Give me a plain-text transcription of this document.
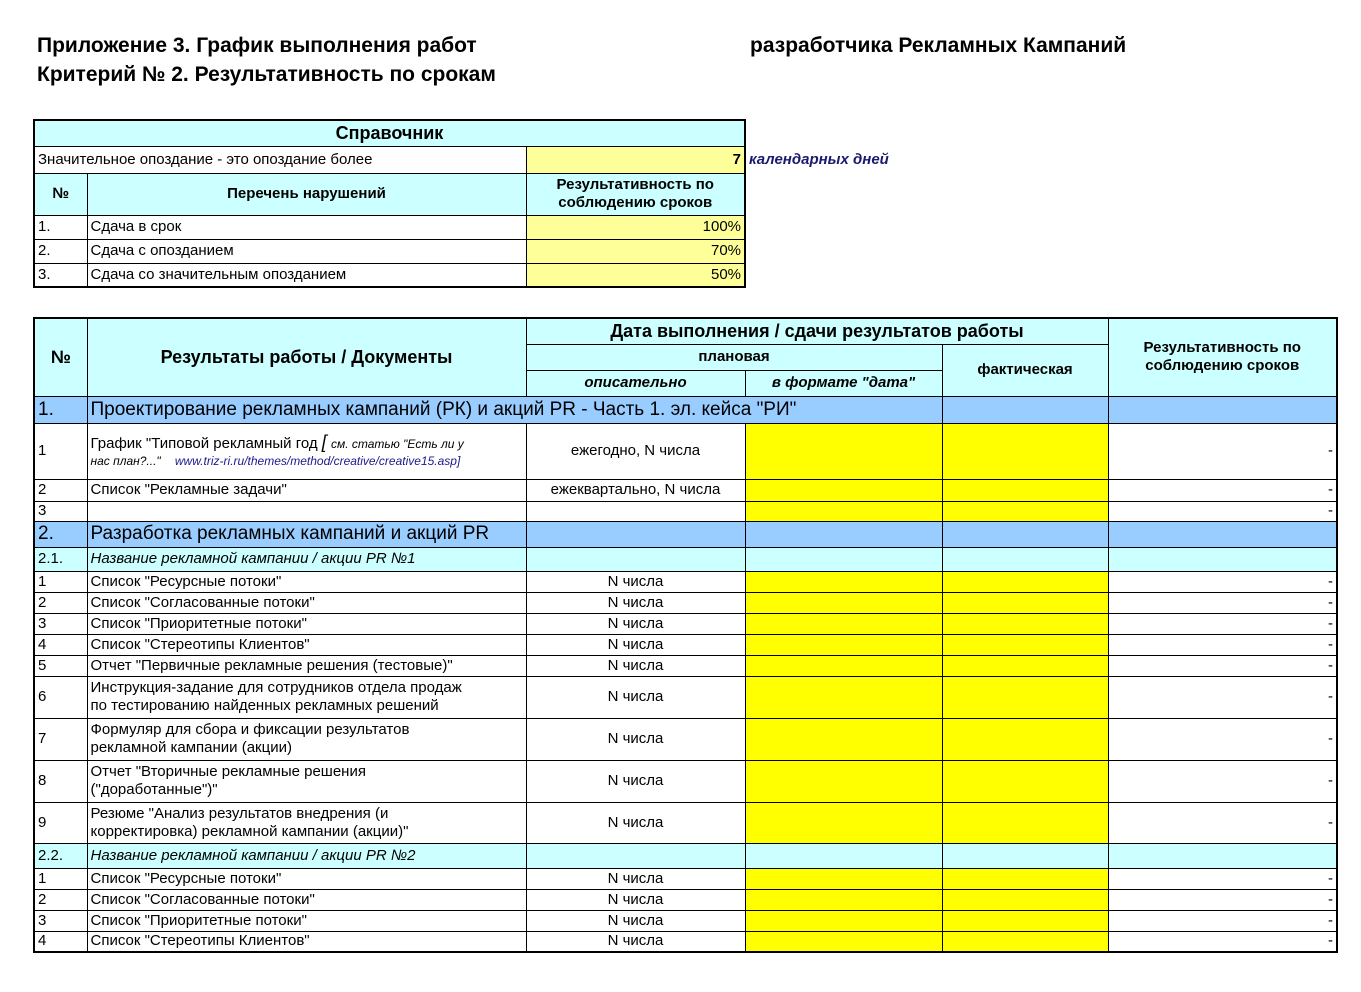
Приложение 3. График выполнения работ	разработчика Рекламных Кампаний
Критерий № 2. Результативность по срокам
Справочник		
Значительное опоздание - это опоздание более		7
№	Перечень нарушений	Результативность по соблюдению сроков
1.	Сдача в срок	100%
2.	Сдача с опозданием	70%
3.	Сдача со значительным опозданием	50%
календарных дней
№	Результаты работы / Документы	Дата выполнения / сдачи результатов работы			Результативность по соблюдению сроков
		плановая		фактическая	
		описательно	в формате "дата"		
1.	Проектирование рекламных кампаний (РК) и акций PR - Часть 1. эл. кейса "РИ"				
1	График "Типовой рекламный год [ см. статью "Есть ли у
нас план?..." www.triz-ri.ru/themes/method/creative/creative15.asp]	ежегодно, N числа			-
2	Список "Рекламные задачи"	ежеквартально, N числа			-
3					-
2.	Разработка рекламных кампаний и акций PR				
2.1.	Название рекламной кампании / акции PR №1				
1	Список "Ресурсные потоки"	N числа			-
2	Список "Согласованные потоки"	N числа			-
3	Список "Приоритетные потоки"	N числа			-
4	Список "Стереотипы Клиентов"	N числа			-
5	Отчет "Первичные рекламные решения (тестовые)"	N числа			-
6	Инструкция-задание для сотрудников отдела продаж
по тестированию найденных рекламных решений	N числа			-
7	Формуляр для сбора и фиксации результатов
рекламной кампании (акции)	N числа			-
8	Отчет "Вторичные рекламные решения
("доработанные")"	N числа			-
9	Резюме "Анализ результатов внедрения (и
корректировка) рекламной кампании (акции)"	N числа			-
2.2.	Название рекламной кампании / акции PR №2				
1	Список "Ресурсные потоки"	N числа			-
2	Список "Согласованные потоки"	N числа			-
3	Список "Приоритетные потоки"	N числа			-
4	Список "Стереотипы Клиентов"	N числа			-
